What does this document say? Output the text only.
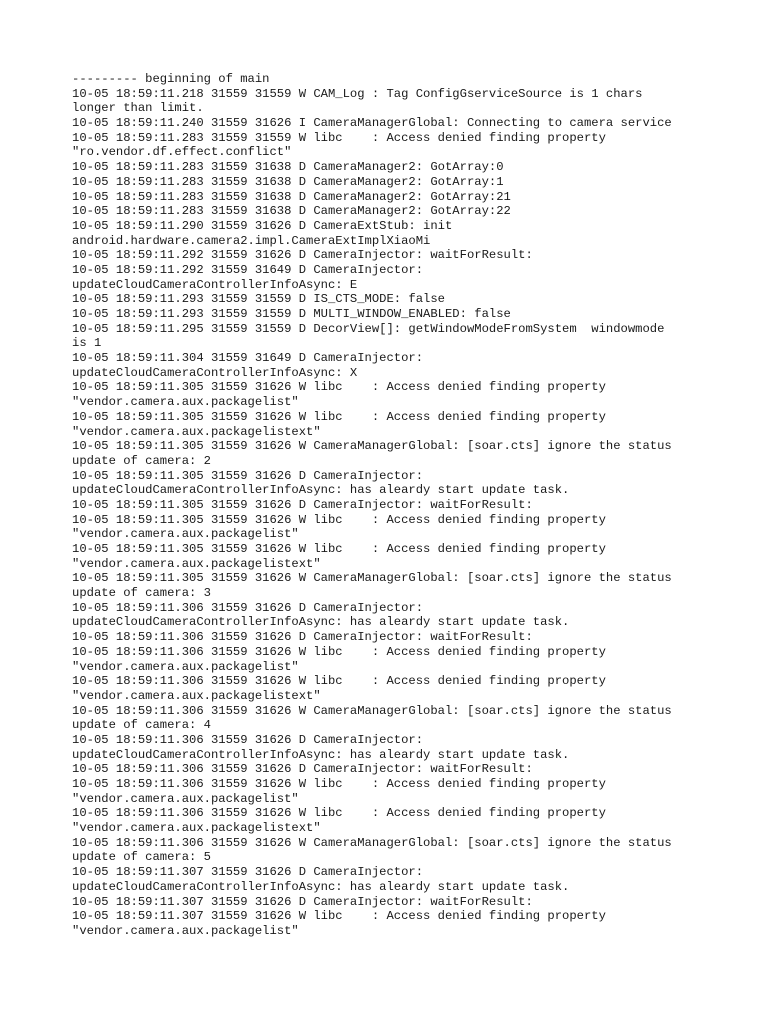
--------- beginning of main
10-05 18:59:11.218 31559 31559 W CAM_Log : Tag ConfigGserviceSource is 1 chars
longer than limit.
10-05 18:59:11.240 31559 31626 I CameraManagerGlobal: Connecting to camera service
10-05 18:59:11.283 31559 31559 W libc    : Access denied finding property
"ro.vendor.df.effect.conflict"
10-05 18:59:11.283 31559 31638 D CameraManager2: GotArray:0
10-05 18:59:11.283 31559 31638 D CameraManager2: GotArray:1
10-05 18:59:11.283 31559 31638 D CameraManager2: GotArray:21
10-05 18:59:11.283 31559 31638 D CameraManager2: GotArray:22
10-05 18:59:11.290 31559 31626 D CameraExtStub: init
android.hardware.camera2.impl.CameraExtImplXiaoMi
10-05 18:59:11.292 31559 31626 D CameraInjector: waitForResult:
10-05 18:59:11.292 31559 31649 D CameraInjector:
updateCloudCameraControllerInfoAsync: E
10-05 18:59:11.293 31559 31559 D IS_CTS_MODE: false
10-05 18:59:11.293 31559 31559 D MULTI_WINDOW_ENABLED: false
10-05 18:59:11.295 31559 31559 D DecorView[]: getWindowModeFromSystem  windowmode
is 1
10-05 18:59:11.304 31559 31649 D CameraInjector:
updateCloudCameraControllerInfoAsync: X
10-05 18:59:11.305 31559 31626 W libc    : Access denied finding property
"vendor.camera.aux.packagelist"
10-05 18:59:11.305 31559 31626 W libc    : Access denied finding property
"vendor.camera.aux.packagelistext"
10-05 18:59:11.305 31559 31626 W CameraManagerGlobal: [soar.cts] ignore the status
update of camera: 2
10-05 18:59:11.305 31559 31626 D CameraInjector:
updateCloudCameraControllerInfoAsync: has aleardy start update task.
10-05 18:59:11.305 31559 31626 D CameraInjector: waitForResult:
10-05 18:59:11.305 31559 31626 W libc    : Access denied finding property
"vendor.camera.aux.packagelist"
10-05 18:59:11.305 31559 31626 W libc    : Access denied finding property
"vendor.camera.aux.packagelistext"
10-05 18:59:11.305 31559 31626 W CameraManagerGlobal: [soar.cts] ignore the status
update of camera: 3
10-05 18:59:11.306 31559 31626 D CameraInjector:
updateCloudCameraControllerInfoAsync: has aleardy start update task.
10-05 18:59:11.306 31559 31626 D CameraInjector: waitForResult:
10-05 18:59:11.306 31559 31626 W libc    : Access denied finding property
"vendor.camera.aux.packagelist"
10-05 18:59:11.306 31559 31626 W libc    : Access denied finding property
"vendor.camera.aux.packagelistext"
10-05 18:59:11.306 31559 31626 W CameraManagerGlobal: [soar.cts] ignore the status
update of camera: 4
10-05 18:59:11.306 31559 31626 D CameraInjector:
updateCloudCameraControllerInfoAsync: has aleardy start update task.
10-05 18:59:11.306 31559 31626 D CameraInjector: waitForResult:
10-05 18:59:11.306 31559 31626 W libc    : Access denied finding property
"vendor.camera.aux.packagelist"
10-05 18:59:11.306 31559 31626 W libc    : Access denied finding property
"vendor.camera.aux.packagelistext"
10-05 18:59:11.306 31559 31626 W CameraManagerGlobal: [soar.cts] ignore the status
update of camera: 5
10-05 18:59:11.307 31559 31626 D CameraInjector:
updateCloudCameraControllerInfoAsync: has aleardy start update task.
10-05 18:59:11.307 31559 31626 D CameraInjector: waitForResult:
10-05 18:59:11.307 31559 31626 W libc    : Access denied finding property
"vendor.camera.aux.packagelist"
